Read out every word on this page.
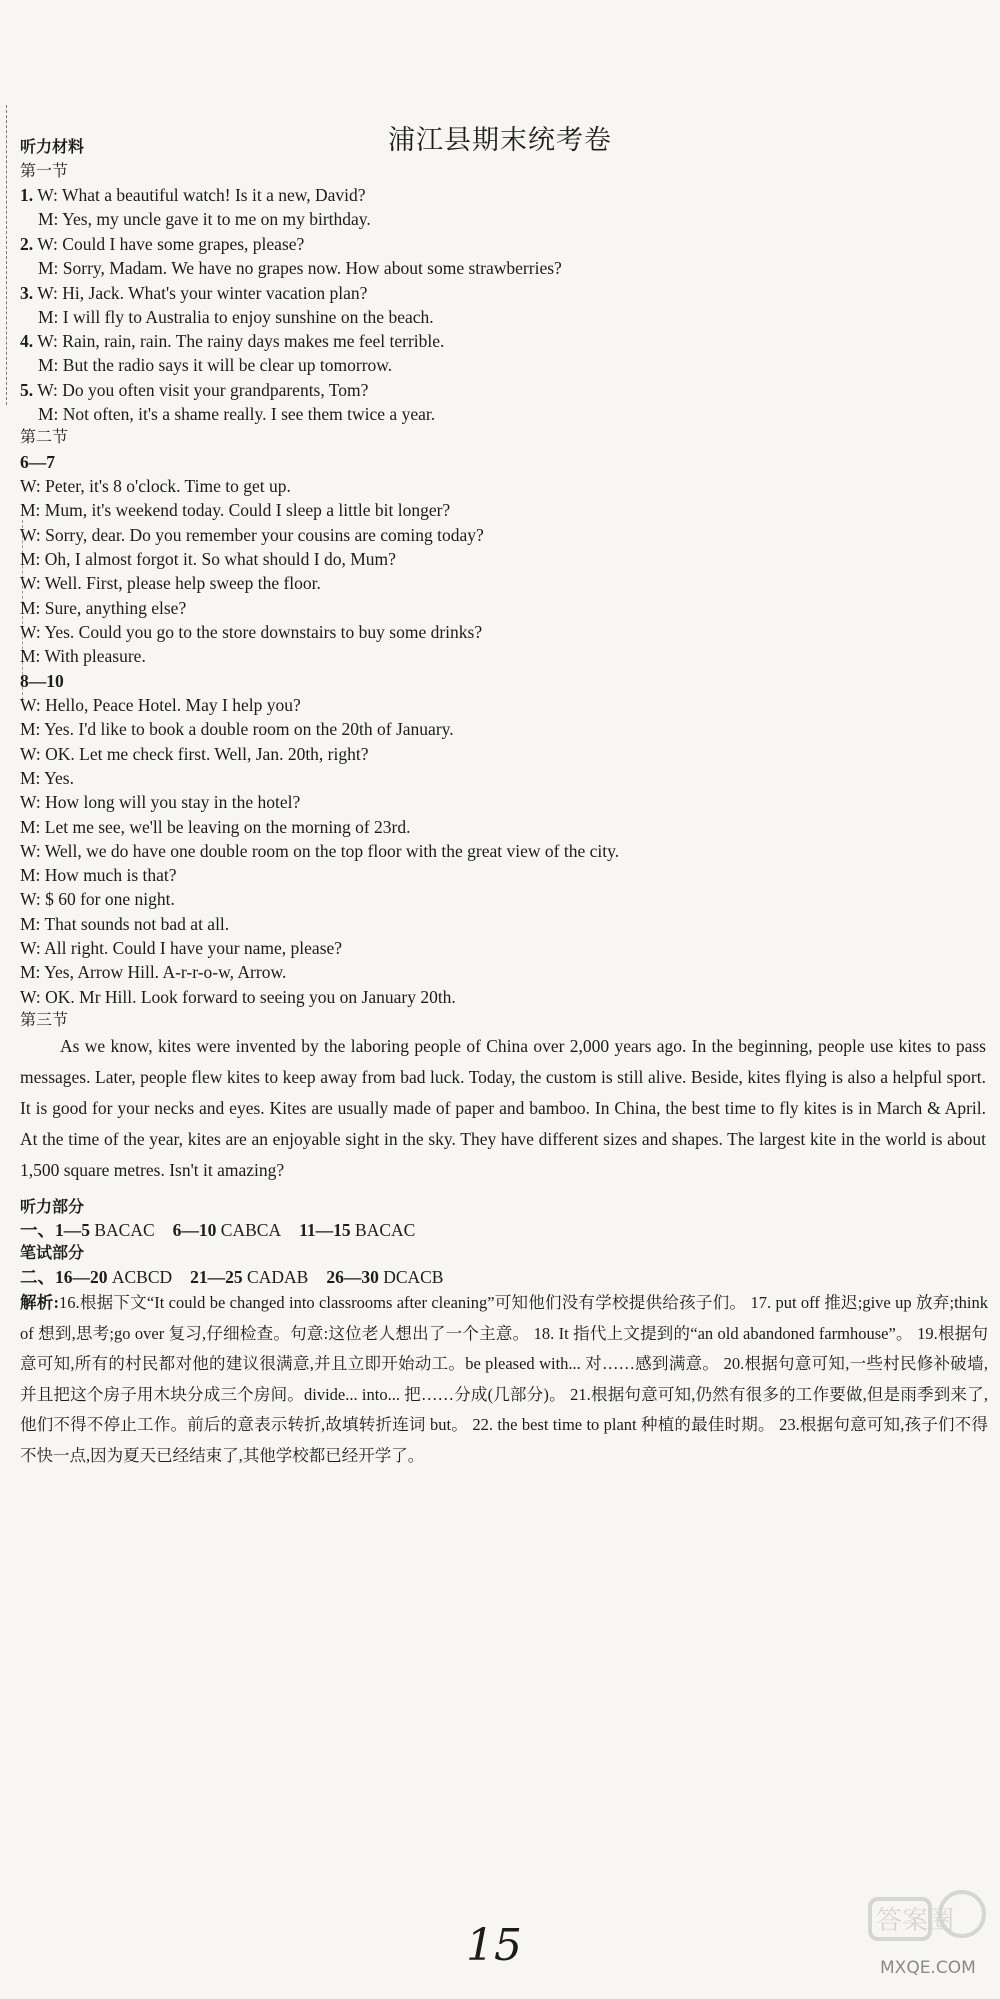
浦江县期末统考卷
听力材料
第一节
1. W: What a beautiful watch! Is it a new, David?
M: Yes, my uncle gave it to me on my birthday.
2. W: Could I have some grapes, please?
M: Sorry, Madam. We have no grapes now. How about some strawberries?
3. W: Hi, Jack. What's your winter vacation plan?
M: I will fly to Australia to enjoy sunshine on the beach.
4. W: Rain, rain, rain. The rainy days makes me feel terrible.
M: But the radio says it will be clear up tomorrow.
5. W: Do you often visit your grandparents, Tom?
M: Not often, it's a shame really. I see them twice a year.
第二节
6—7
W: Peter, it's 8 o'clock. Time to get up.
M: Mum, it's weekend today. Could I sleep a little bit longer?
W: Sorry, dear. Do you remember your cousins are coming today?
M: Oh, I almost forgot it. So what should I do, Mum?
W: Well. First, please help sweep the floor.
M: Sure, anything else?
W: Yes. Could you go to the store downstairs to buy some drinks?
M: With pleasure.
8—10
W: Hello, Peace Hotel. May I help you?
M: Yes. I'd like to book a double room on the 20th of January.
W: OK. Let me check first. Well, Jan. 20th, right?
M: Yes.
W: How long will you stay in the hotel?
M: Let me see, we'll be leaving on the morning of 23rd.
W: Well, we do have one double room on the top floor with the great view of the city.
M: How much is that?
W: $ 60 for one night.
M: That sounds not bad at all.
W: All right. Could I have your name, please?
M: Yes, Arrow Hill. A-r-r-o-w, Arrow.
W: OK. Mr Hill. Look forward to seeing you on January 20th.
第三节
As we know, kites were invented by the laboring people of China over 2,000 years ago. In the beginning, people use kites to pass messages. Later, people flew kites to keep away from bad luck. Today, the custom is still alive. Beside, kites flying is also a helpful sport. It is good for your necks and eyes. Kites are usually made of paper and bamboo. In China, the best time to fly kites is in March & April. At the time of the year, kites are an enjoyable sight in the sky. They have different sizes and shapes. The largest kite in the world is about 1,500 square metres. Isn't it amazing?
听力部分
一、1—5 BACAC 6—10 CABCA 11—15 BACAC
笔试部分
二、16—20 ACBCD 21—25 CADAB 26—30 DCACB
解析:16.根据下文“It could be changed into classrooms after cleaning”可知他们没有学校提供给孩子们。 17. put off 推迟;give up 放弃;think of 想到,思考;go over 复习,仔细检查。句意:这位老人想出了一个主意。 18. It 指代上文提到的“an old abandoned farmhouse”。 19.根据句意可知,所有的村民都对他的建议很满意,并且立即开始动工。be pleased with... 对……感到满意。 20.根据句意可知,一些村民修补破墙,并且把这个房子用木块分成三个房间。divide... into... 把……分成(几部分)。 21.根据句意可知,仍然有很多的工作要做,但是雨季到来了,他们不得不停止工作。前后的意表示转折,故填转折连词 but。 22. the best time to plant 种植的最佳时期。 23.根据句意可知,孩子们不得不快一点,因为夏天已经结束了,其他学校都已经开学了。
15	答案圈
MXQE.COM
